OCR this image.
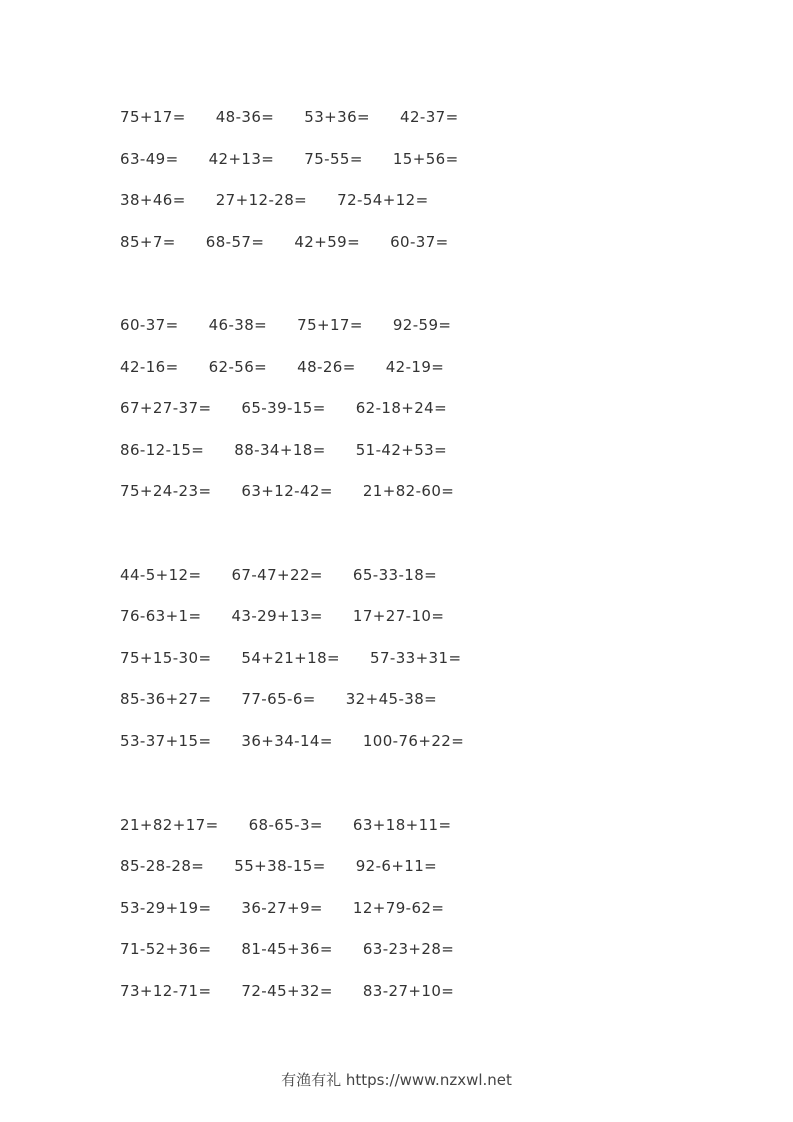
75+17= 48-36= 53+36= 42-37=
63-49= 42+13= 75-55= 15+56=
38+46= 27+12-28= 72-54+12=
85+7= 68-57= 42+59= 60-37=
60-37= 46-38= 75+17= 92-59=
42-16= 62-56= 48-26= 42-19=
67+27-37= 65-39-15= 62-18+24=
86-12-15= 88-34+18= 51-42+53=
75+24-23= 63+12-42= 21+82-60=
44-5+12= 67-47+22= 65-33-18=
76-63+1= 43-29+13= 17+27-10=
75+15-30= 54+21+18= 57-33+31=
85-36+27= 77-65-6= 32+45-38=
53-37+15= 36+34-14= 100-76+22=
21+82+17= 68-65-3= 63+18+11=
85-28-28= 55+38-15= 92-6+11=
53-29+19= 36-27+9= 12+79-62=
71-52+36= 81-45+36= 63-23+28=
73+12-71= 72-45+32= 83-27+10=
有渔有礼 https://www.nzxwl.net
